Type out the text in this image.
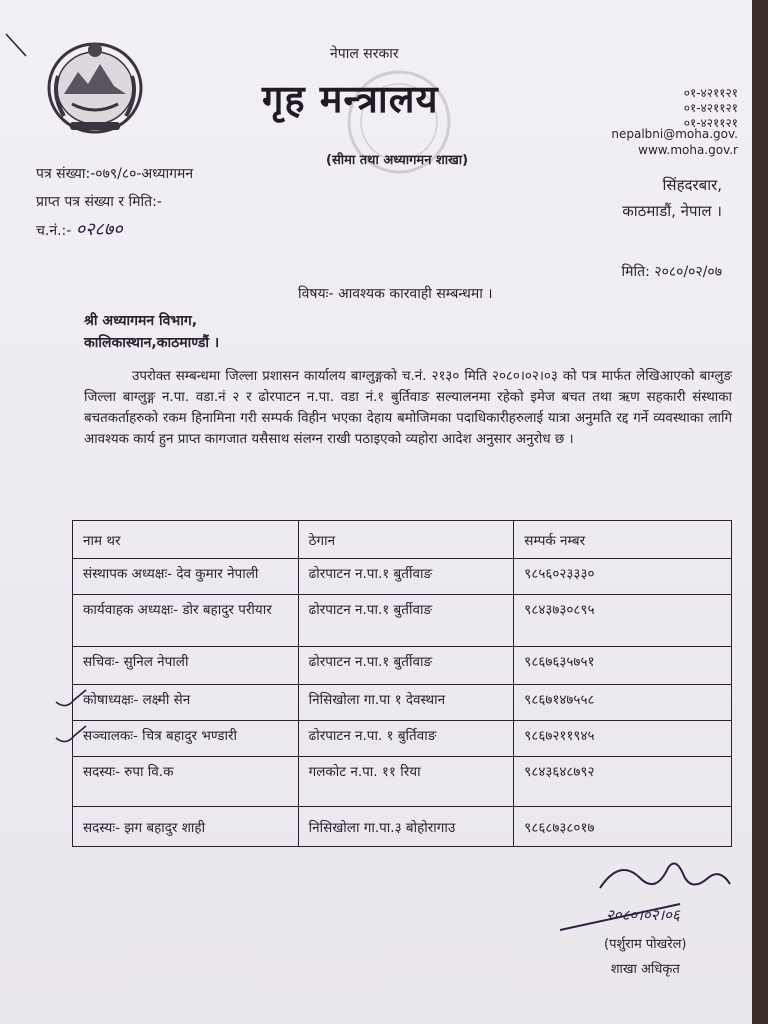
नेपाल सरकार
गृह मन्त्रालय
(सीमा तथा अध्यागमन शाखा)
०१-४२११२१
०१-४२११२१
०१-४२११२१
nepalbni@moha.gov.
www.moha.gov.r
सिंहदरबार,
काठमाडौं, नेपाल ।
पत्र संख्या:-०७९/८०-अध्यागमन
प्राप्त पत्र संख्या र मिति:-
च.नं.:- ०२८७०
मिति: २०८०/०२/०७
विषयः- आवश्यक कारवाही सम्बन्धमा ।
श्री अध्यागमन विभाग,
कालिकास्थान,काठमाण्डौं ।

उपरोक्त सम्बन्धमा जिल्ला प्रशासन कार्यालय बाग्लुङ्गको च.नं. २१३० मिति २०८०।०२।०३ को पत्र मार्फत लेखिआएको बाग्लुङ जिल्ला बाग्लुङ्ग न.पा. वडा.नं २ र ढोरपाटन न.पा. वडा नं.१ बुर्तिवाङ सल्यालनमा रहेको इमेज बचत तथा ऋण सहकारी संस्थाका बचतकर्ताहरुको रकम हिनामिना गरी सम्पर्क विहीन भएका देहाय बमोजिमका पदाधिकारीहरुलाई यात्रा अनुमति रद्द गर्ने व्यवस्थाका लागि आवश्यक कार्य हुन प्राप्त कागजात यसैसाथ संलग्न राखी पठाइएको व्यहोरा आदेश अनुसार अनुरोध छ ।

नाम थर	ठेगान	सम्पर्क नम्बर
संस्थापक अध्यक्षः- देव कुमार नेपाली	ढोरपाटन न.पा.१ बुर्तीवाङ	९८५६०२३३३०
कार्यवाहक अध्यक्षः- डोर बहादुर परीयार	ढोरपाटन न.पा.१ बुर्तीवाङ	९८४३७३०८९५
सचिवः- सुनिल नेपाली	ढोरपाटन न.पा.१ बुर्तीवाङ	९८६७६३५७५१
कोषाध्यक्षः- लक्ष्मी सेन	निसिखोला गा.पा १ देवस्थान	९८६७१४७५५८
सञ्चालकः- चित्र बहादुर भण्डारी	ढोरपाटन न.पा. १ बुर्तिवाङ	९८६७२११९४५
सदस्यः- रुपा वि.क	गलकोट न.पा. ११ रिया	९८४३६४८७९२
सदस्यः- झग बहादुर शाही	निसिखोला गा.पा.३ बोहोरागाउ	९८६८७३८०१७
२०८०।०२।०६
(पर्शुराम पोखरेल)
शाखा अधिकृत
